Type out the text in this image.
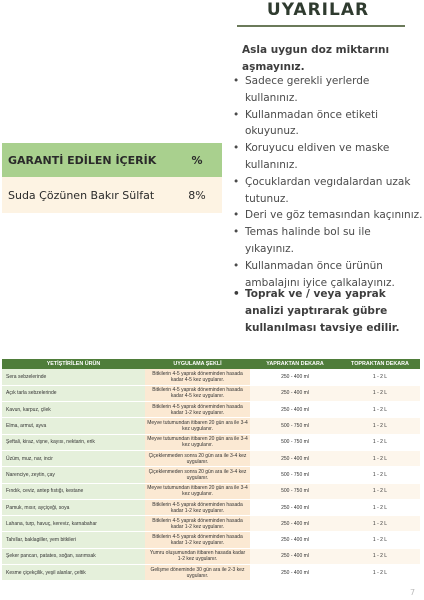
UYARILAR
Asla uygun doz miktarını aşmayınız.
• Sadece gerekli yerlerde kullanınız.
• Kullanmadan önce etiketi okuyunuz.
• Koruyucu eldiven ve maske kullanınız.
• Çocuklardan vegıdalardan uzak tutunuz.
• Deri ve göz temasından kaçınınız.
• Temas halinde bol su ile yıkayınız.
• Kullanmadan önce ürünün ambalajını iyice çalkalayınız.
• Toprak ve / veya yaprak analizi yaptırarak gübre kullanılması tavsiye edilir.
GARANTİ EDİLEN İÇERİK	%
Suda Çözünen Bakır Sülfat	8%
YETİŞTİRİLEN ÜRÜN	UYGULAMA ŞEKLİ	YAPRAKTAN DEKARA	TOPRAKTAN DEKARA
Sera sebzelerinde	Bitkilerin 4-5 yaprak döneminden hasada kadar 4-5 kez uygulanır.	250 - 400 ml	1 - 2 L
Açık tarla sebzelerinde	Bitkilerin 4-5 yaprak döneminden hasada kadar 4-5 kez uygulanır.	250 - 400 ml	1 - 2 L
Kavun, karpuz, çilek	Bitkilerin 4-5 yaprak döneminden hasada kadar 1-2 kez uygulanır.	250 - 400 ml	1 - 2 L
Elma, armut, ayva	Meyve tutumundan itibaren 20 gün ara ile 3-4 kez uygulanır.	500 - 750 ml	1 - 2 L
Şeftali, kiraz, vişne, kayısı, nektarin, erik	Meyve tutumundan itibaren 20 gün ara ile 3-4 kez uygulanır.	500 - 750 ml	1 - 2 L
Üzüm, muz, nar, incir	Çiçeklenmeden sonra 20 gün ara ile 3-4 kez uygulanır.	250 - 400 ml	1 - 2 L
Narenciye, zeytin, çay	Çiçeklenmeden sonra 20 gün ara ile 3-4 kez uygulanır.	500 - 750 ml	1 - 2 L
Fındık, ceviz, antep fıstığı, kestane	Meyve tutumundan itibaren 20 gün ara ile 3-4 kez uygulanır.	500 - 750 ml	1 - 2 L
Pamuk, mısır, ayçiçeği, soya	Bitkilerin 4-5 yaprak döneminden hasada kadar 1-2 kez uygulanır.	250 - 400 ml	1 - 2 L
Lahana, turp, havuç, kereviz, karnabahar	Bitkilerin 4-5 yaprak döneminden hasada kadar 1-2 kez uygulanır.	250 - 400 ml	1 - 2 L
Tahıllar, baklagiller, yem bitkileri	Bitkilerin 4-5 yaprak döneminden hasada kadar 1-2 kez uygulanır.	250 - 400 ml	1 - 2 L
Şeker pancarı, patates, soğan, sarımsak	Yumru oluşumundan itibaren hasada kadar 1-2 kez uygulanır.	250 - 400 ml	1 - 2 L
Kesme çiçekçilik, yeşil alanlar, çeltik	Gelişme döneminde 30 gün ara ile 2-3 kez uygulanır.	250 - 400 ml	1 - 2 L
7
